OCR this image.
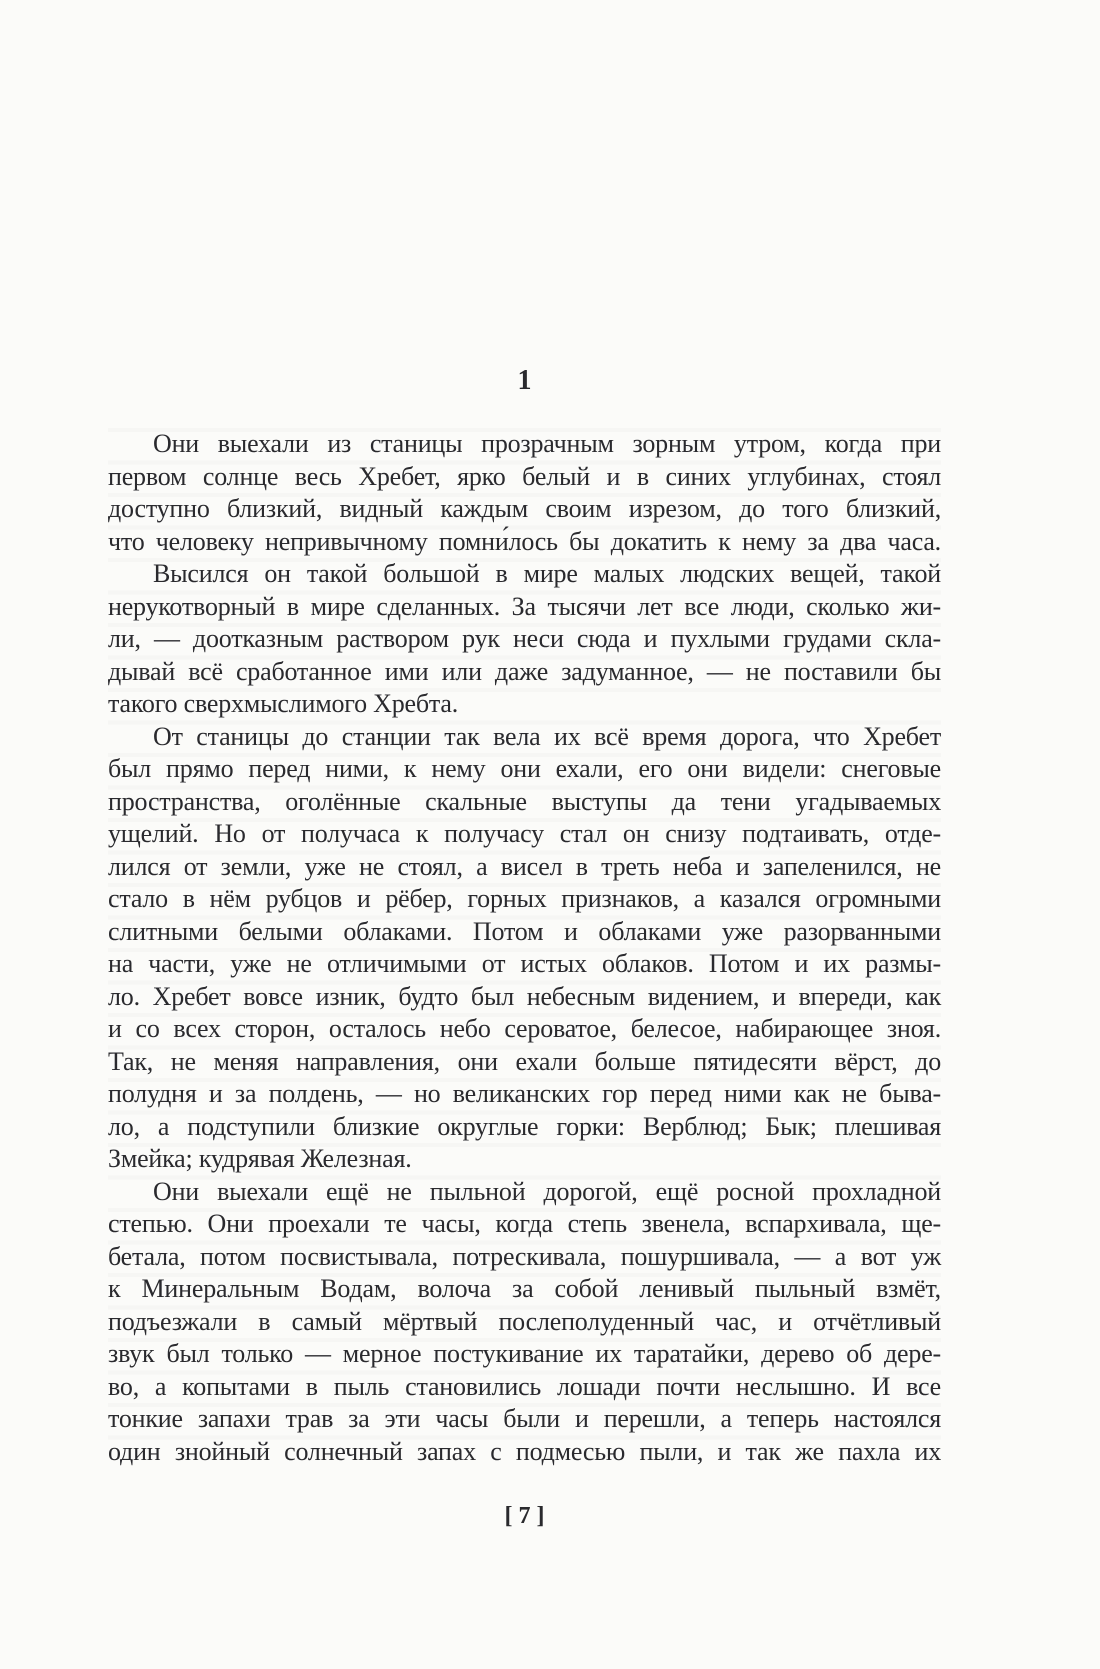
1
Они выехали из станицы прозрачным зорным утром, когда при
первом солнце весь Хребет, ярко белый и в синих углубинах, стоял
доступно близкий, видный каждым своим изрезом, до того близкий,
что человеку непривычному помни́лось бы докатить к нему за два часа.
Высился он такой большой в мире малых людских вещей, такой
нерукотворный в мире сделанных. За тысячи лет все люди, сколько жи-
ли, — доотказным раствором рук неси сюда и пухлыми грудами скла-
дывай всё сработанное ими или даже задуманное, — не поставили бы
такого сверхмыслимого Хребта.
От станицы до станции так вела их всё время дорога, что Хребет
был прямо перед ними, к нему они ехали, его они видели: снеговые
пространства, оголённые скальные выступы да тени угадываемых
ущелий. Но от получаса к получасу стал он снизу подтаивать, отде-
лился от земли, уже не стоял, а висел в треть неба и запеленился, не
стало в нём рубцов и рёбер, горных признаков, а казался огромными
слитными белыми облаками. Потом и облаками уже разорванными
на части, уже не отличимыми от истых облаков. Потом и их размы-
ло. Хребет вовсе изник, будто был небесным видением, и впереди, как
и со всех сторон, осталось небо сероватое, белесое, набирающее зноя.
Так, не меняя направления, они ехали больше пятидесяти вёрст, до
полудня и за полдень, — но великанских гор перед ними как не быва-
ло, а подступили близкие округлые горки: Верблюд; Бык; плешивая
Змейка; кудрявая Железная.
Они выехали ещё не пыльной дорогой, ещё росной прохладной
степью. Они проехали те часы, когда степь звенела, вспархивала, ще-
бетала, потом посвистывала, потрескивала, пошуршивала, — а вот уж
к Минеральным Водам, волоча за собой ленивый пыльный взмёт,
подъезжали в самый мёртвый послеполуденный час, и отчётливый
звук был только — мерное постукивание их таратайки, дерево об дере-
во, а копытами в пыль становились лошади почти неслышно. И все
тонкие запахи трав за эти часы были и перешли, а теперь настоялся
один знойный солнечный запах с подмесью пыли, и так же пахла их
[ 7 ]
